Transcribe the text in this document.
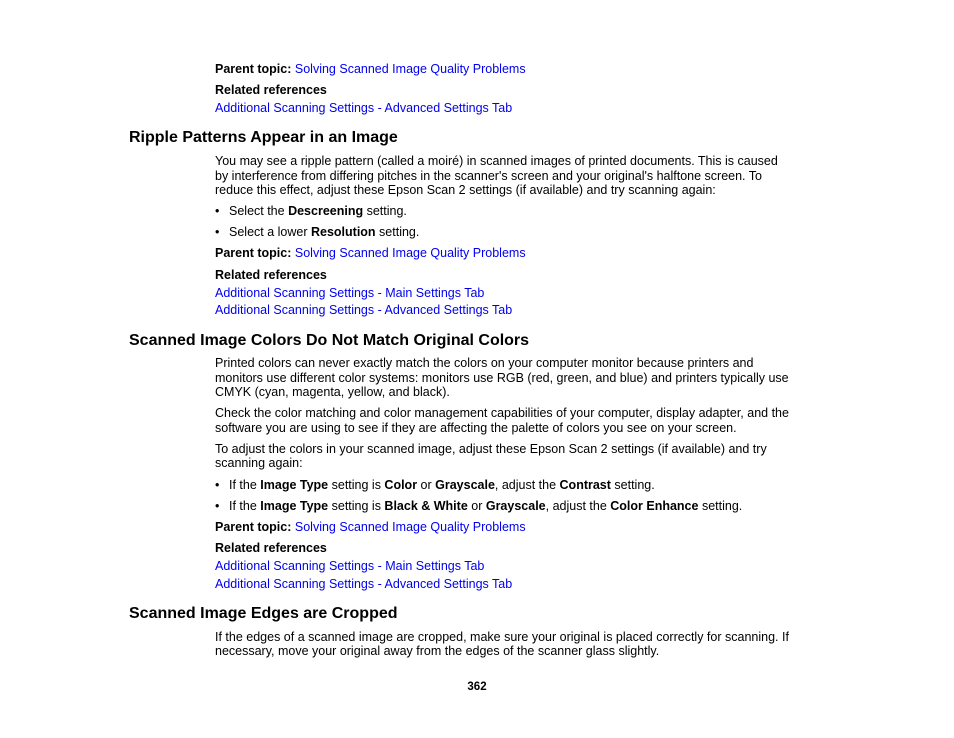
Parent topic: Solving Scanned Image Quality Problems
Related references
Additional Scanning Settings - Advanced Settings Tab
Ripple Patterns Appear in an Image
You may see a ripple pattern (called a moiré) in scanned images of printed documents. This is caused
by interference from differing pitches in the scanner's screen and your original's halftone screen. To
reduce this effect, adjust these Epson Scan 2 settings (if available) and try scanning again:
• Select the Descreening setting.
• Select a lower Resolution setting.
Parent topic: Solving Scanned Image Quality Problems
Related references
Additional Scanning Settings - Main Settings Tab
Additional Scanning Settings - Advanced Settings Tab
Scanned Image Colors Do Not Match Original Colors
Printed colors can never exactly match the colors on your computer monitor because printers and
monitors use different color systems: monitors use RGB (red, green, and blue) and printers typically use
CMYK (cyan, magenta, yellow, and black).
Check the color matching and color management capabilities of your computer, display adapter, and the
software you are using to see if they are affecting the palette of colors you see on your screen.
To adjust the colors in your scanned image, adjust these Epson Scan 2 settings (if available) and try
scanning again:
• If the Image Type setting is Color or Grayscale, adjust the Contrast setting.
• If the Image Type setting is Black & White or Grayscale, adjust the Color Enhance setting.
Parent topic: Solving Scanned Image Quality Problems
Related references
Additional Scanning Settings - Main Settings Tab
Additional Scanning Settings - Advanced Settings Tab
Scanned Image Edges are Cropped
If the edges of a scanned image are cropped, make sure your original is placed correctly for scanning. If
necessary, move your original away from the edges of the scanner glass slightly.
362
